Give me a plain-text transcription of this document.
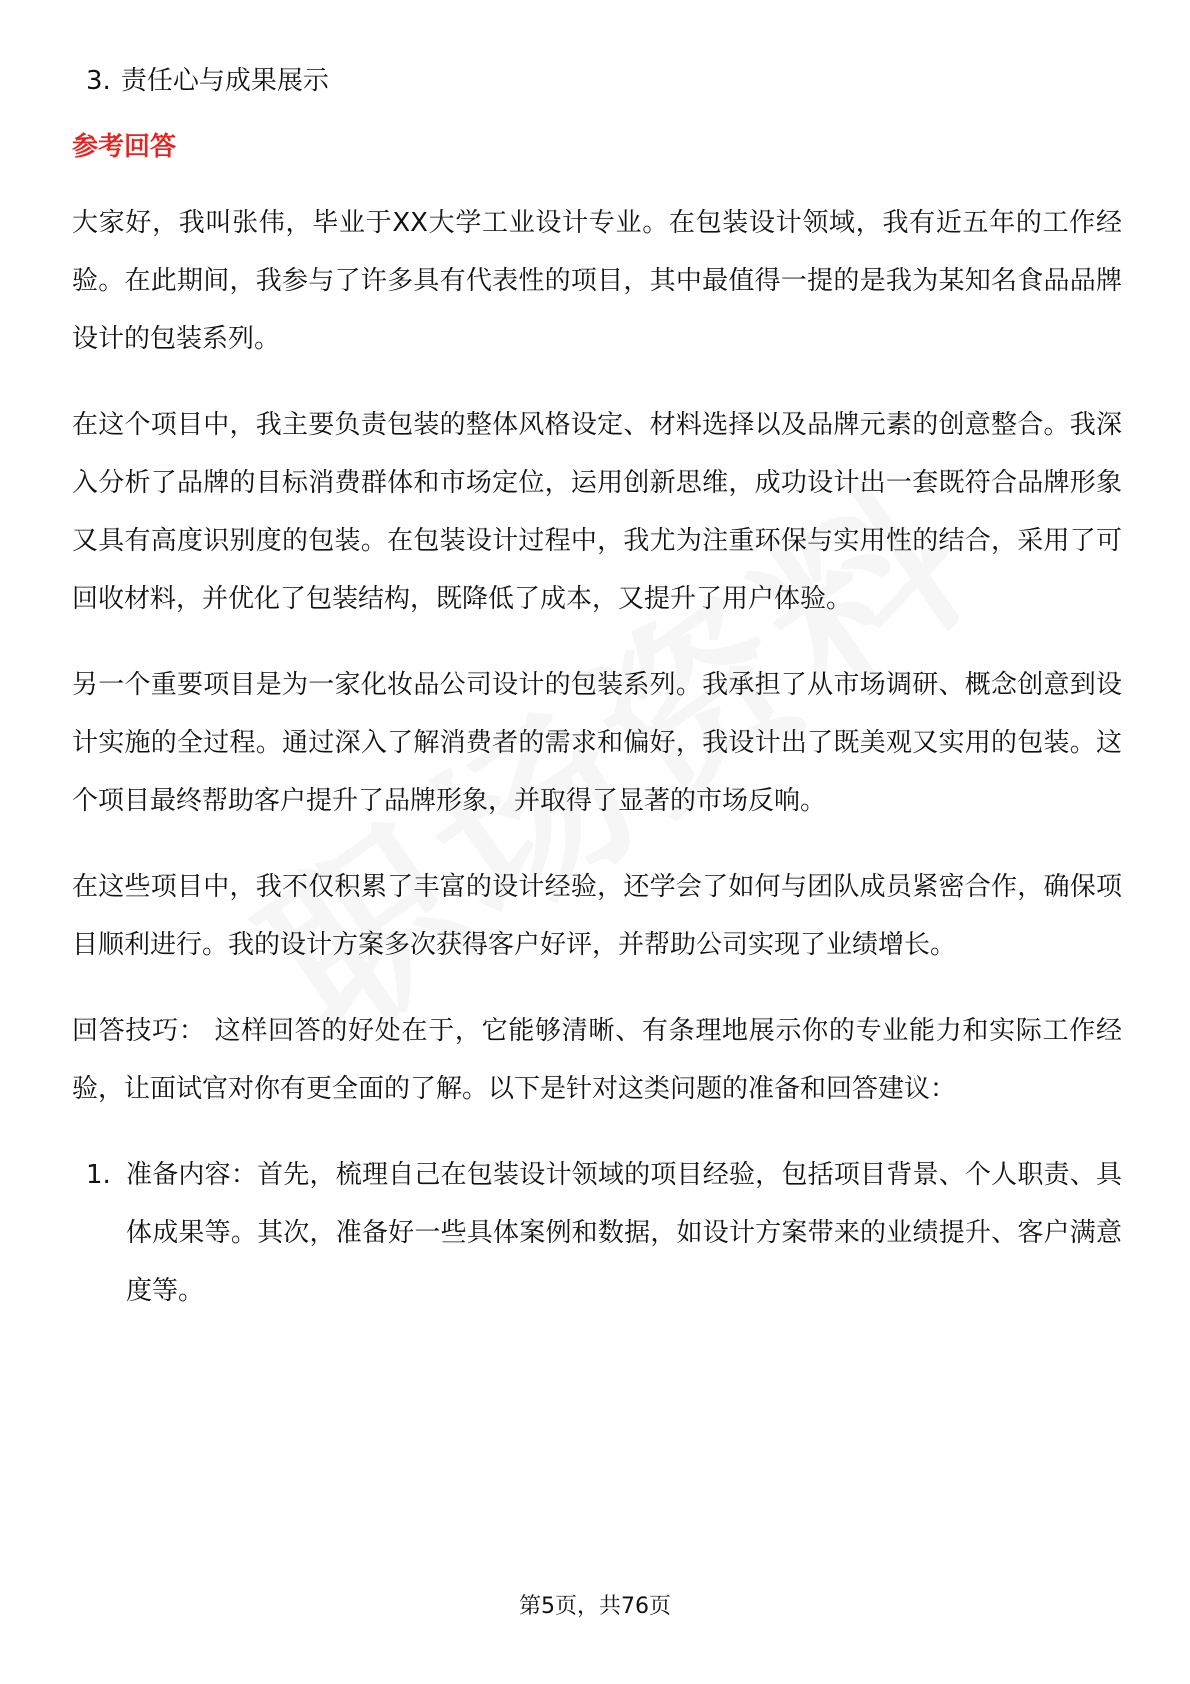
3. 责任心与成果展示
参考回答

大家好，我叫张伟，毕业于XX大学工业设计专业。在包装设计领域，我有近五年的工作经验。在此期间，我参与了许多具有代表性的项目，其中最值得一提的是我为某知名食品品牌设计的包装系列。

在这个项目中，我主要负责包装的整体风格设定、材料选择以及品牌元素的创意整合。我深入分析了品牌的目标消费群体和市场定位，运用创新思维，成功设计出一套既符合品牌形象又具有高度识别度的包装。在包装设计过程中，我尤为注重环保与实用性的结合，采用了可回收材料，并优化了包装结构，既降低了成本，又提升了用户体验。

另一个重要项目是为一家化妆品公司设计的包装系列。我承担了从市场调研、概念创意到设计实施的全过程。通过深入了解消费者的需求和偏好，我设计出了既美观又实用的包装。这个项目最终帮助客户提升了品牌形象，并取得了显著的市场反响。

在这些项目中，我不仅积累了丰富的设计经验，还学会了如何与团队成员紧密合作，确保项目顺利进行。我的设计方案多次获得客户好评，并帮助公司实现了业绩增长。

回答技巧： 这样回答的好处在于，它能够清晰、有条理地展示你的专业能力和实际工作经验，让面试官对你有更全面的了解。以下是针对这类问题的准备和回答建议：

1. 准备内容：首先，梳理自己在包装设计领域的项目经验，包括项目背景、个人职责、具体成果等。其次，准备好一些具体案例和数据，如设计方案带来的业绩提升、客户满意度等。
第5页，共76页
